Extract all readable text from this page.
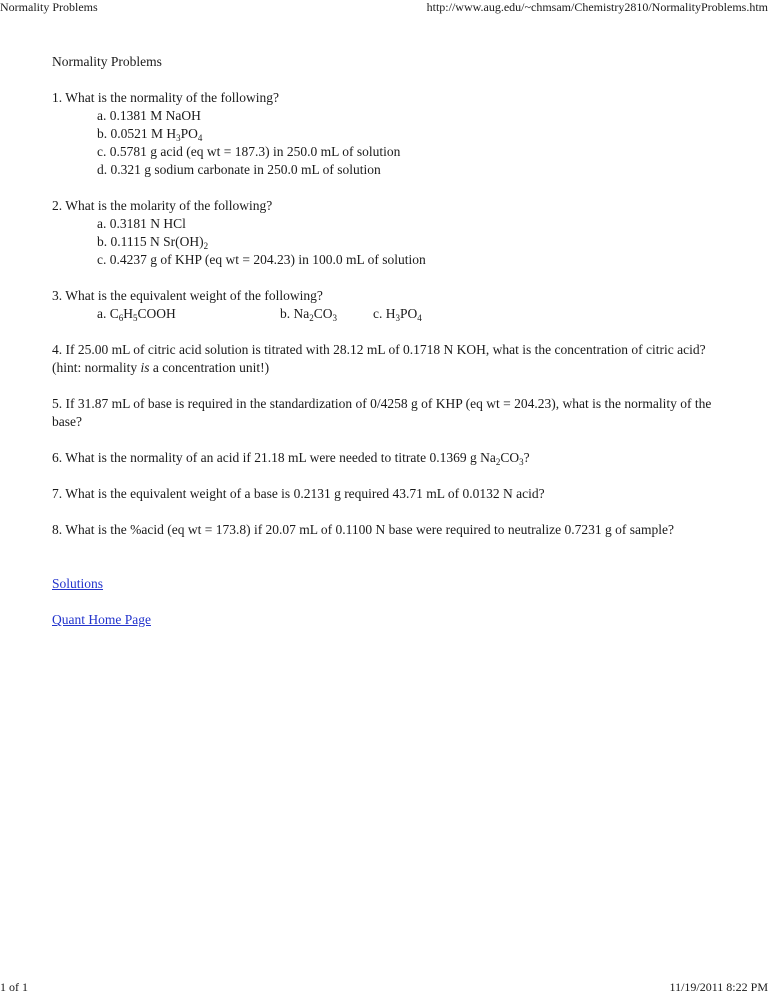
Normality Problems	http://www.aug.edu/~chmsam/Chemistry2810/NormalityProblems.htm
Normality Problems
1. What is the normality of the following?
a. 0.1381 M NaOH
b. 0.0521 M $H_3PO_4$
c. 0.5781 g acid (eq wt = 187.3) in 250.0 mL of solution
d. 0.321 g sodium carbonate in 250.0 mL of solution
2. What is the molarity of the following?
a. 0.3181 N HCl
b. 0.1115 N $Sr(OH)_2$
c. 0.4237 g of KHP (eq wt = 204.23) in 100.0 mL of solution
3. What is the equivalent weight of the following?
a. $C_6H_5COOH$	b. $Na_2CO_3$	c. $H_3PO_4$
4. If 25.00 mL of citric acid solution is titrated with 28.12 mL of 0.1718 N KOH, what is the concentration of citric acid? (hint: normality is a concentration unit!)
5. If 31.87 mL of base is required in the standardization of 0/4258 g of KHP (eq wt = 204.23), what is the normality of the base?
6. What is the normality of an acid if 21.18 mL were needed to titrate 0.1369 g $Na_2CO_3$?
7. What is the equivalent weight of a base is 0.2131 g required 43.71 mL of 0.0132 N acid?
8. What is the %acid (eq wt = 173.8) if 20.07 mL of 0.1100 N base were required to neutralize 0.7231 g of sample?
Solutions
Quant Home Page
1 of 1	11/19/2011 8:22 PM
